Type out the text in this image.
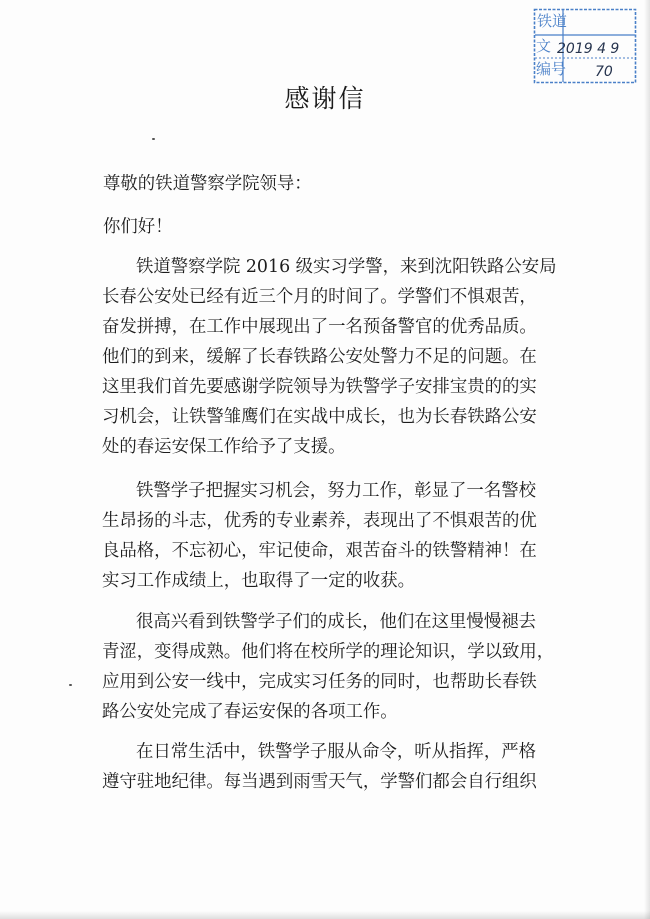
铁道
文
编号
2019 4 9
70
感谢信
尊敬的铁道警察学院领导：
你们好！
铁道警察学院 2016 级实习学警，来到沈阳铁路公安局
长春公安处已经有近三个月的时间了。学警们不惧艰苦，
奋发拼搏，在工作中展现出了一名预备警官的优秀品质。
他们的到来，缓解了长春铁路公安处警力不足的问题。在
这里我们首先要感谢学院领导为铁警学子安排宝贵的的实
习机会，让铁警雏鹰们在实战中成长，也为长春铁路公安
处的春运安保工作给予了支援。
铁警学子把握实习机会，努力工作，彰显了一名警校
生昂扬的斗志，优秀的专业素养，表现出了不惧艰苦的优
良品格，不忘初心，牢记使命，艰苦奋斗的铁警精神！在
实习工作成绩上，也取得了一定的收获。
很高兴看到铁警学子们的成长，他们在这里慢慢褪去
青涩，变得成熟。他们将在校所学的理论知识，学以致用，
应用到公安一线中，完成实习任务的同时，也帮助长春铁
路公安处完成了春运安保的各项工作。
在日常生活中，铁警学子服从命令，听从指挥，严格
遵守驻地纪律。每当遇到雨雪天气，学警们都会自行组织
